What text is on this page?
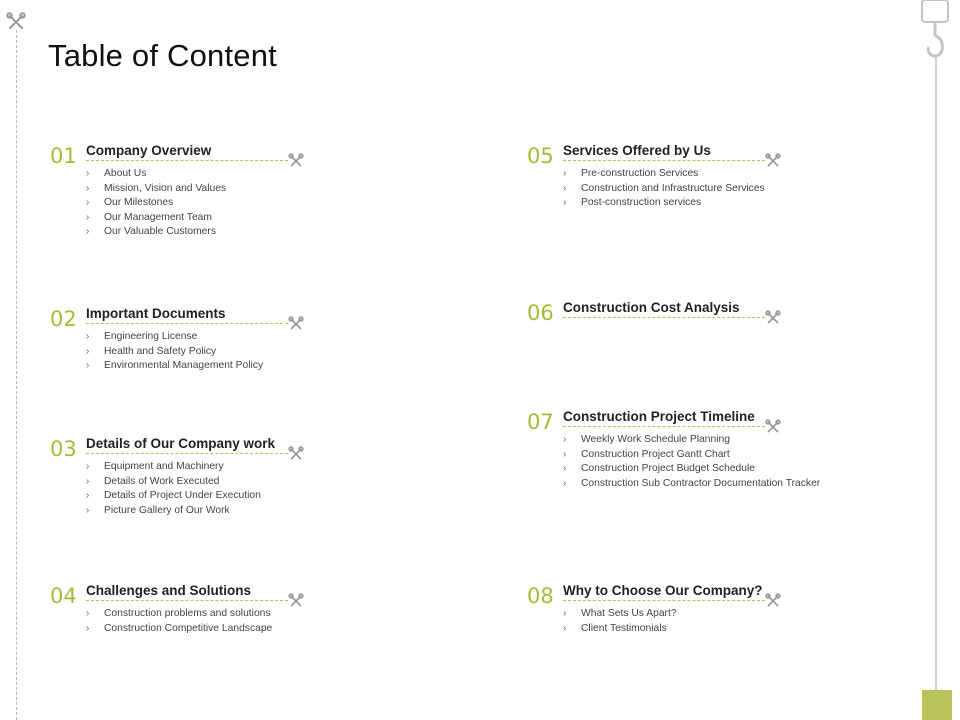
Table of Content
01 Company Overview
› About Us
› Mission, Vision and Values
› Our Milestones
› Our Management Team
› Our Valuable Customers
02 Important Documents
› Engineering License
› Health and Safety Policy
› Environmental Management Policy
03 Details of Our Company work
› Equipment and Machinery
› Details of Work Executed
› Details of Project Under Execution
› Picture Gallery of Our Work
04 Challenges and Solutions
› Construction problems and solutions
› Construction Competitive Landscape
05 Services Offered by Us
› Pre-construction Services
› Construction and Infrastructure Services
› Post-construction services
06 Construction Cost Analysis
07 Construction Project Timeline
› Weekly Work Schedule Planning
› Construction Project Gantt Chart
› Construction Project Budget Schedule
› Construction Sub Contractor Documentation Tracker
08 Why to Choose Our Company?
› What Sets Us Apart?
› Client Testimonials
